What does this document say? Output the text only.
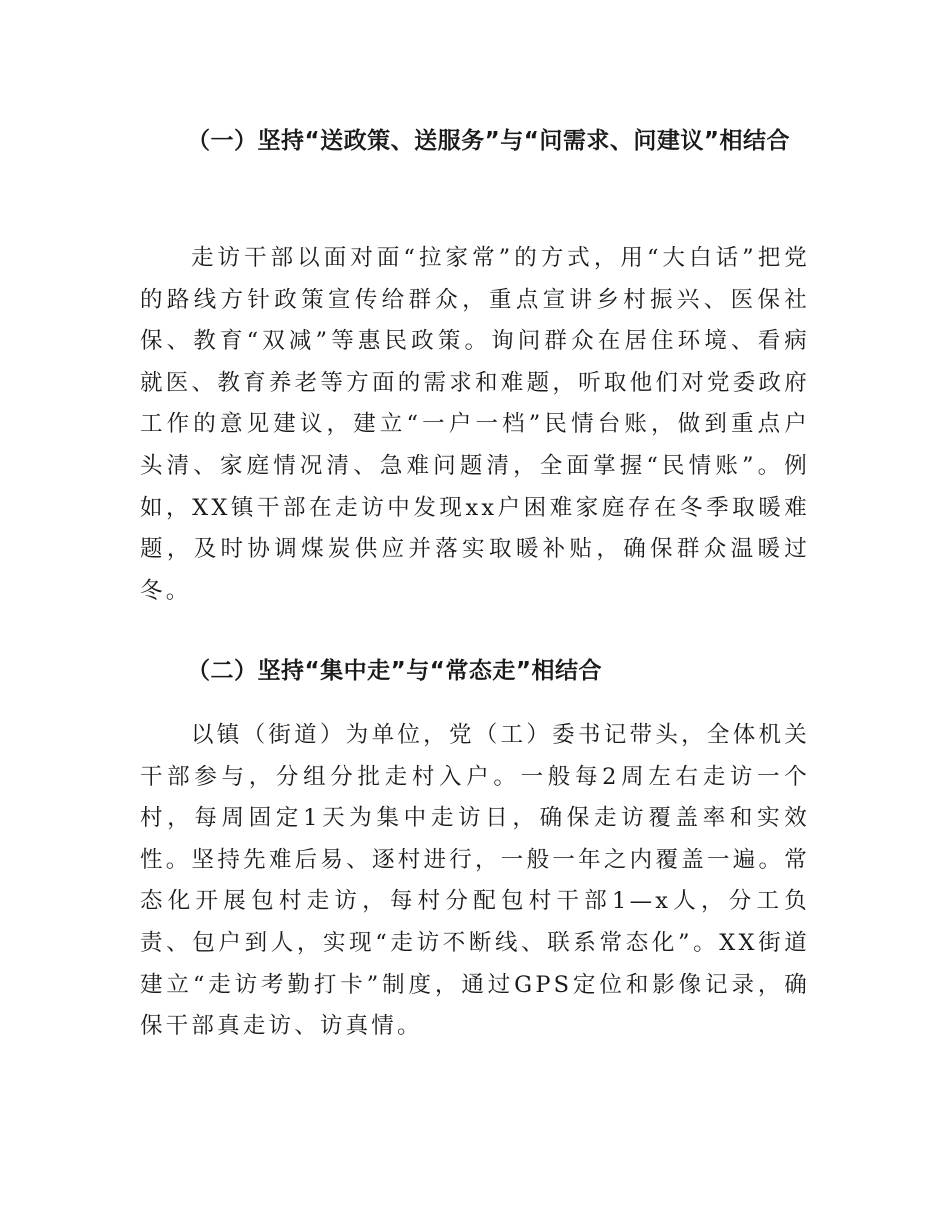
（一）坚持“送政策、送服务”与“问需求、问建议”相结合

走访干部以面对面“拉家常”的方式，用“大白话”把党的路线方针政策宣传给群众，重点宣讲乡村振兴、医保社保、教育“双减”等惠民政策。询问群众在居住环境、看病就医、教育养老等方面的需求和难题，听取他们对党委政府工作的意见建议，建立“一户一档”民情台账，做到重点户头清、家庭情况清、急难问题清，全面掌握“民情账”。例如，XX镇干部在走访中发现xx户困难家庭存在冬季取暖难题，及时协调煤炭供应并落实取暖补贴，确保群众温暖过冬。

（二）坚持“集中走”与“常态走”相结合

以镇（街道）为单位，党（工）委书记带头，全体机关干部参与，分组分批走村入户。一般每2周左右走访一个村，每周固定1天为集中走访日，确保走访覆盖率和实效性。坚持先难后易、逐村进行，一般一年之内覆盖一遍。常态化开展包村走访，每村分配包村干部1—x人，分工负责、包户到人，实现“走访不断线、联系常态化”。XX街道建立“走访考勤打卡”制度，通过GPS定位和影像记录，确保干部真走访、访真情。
